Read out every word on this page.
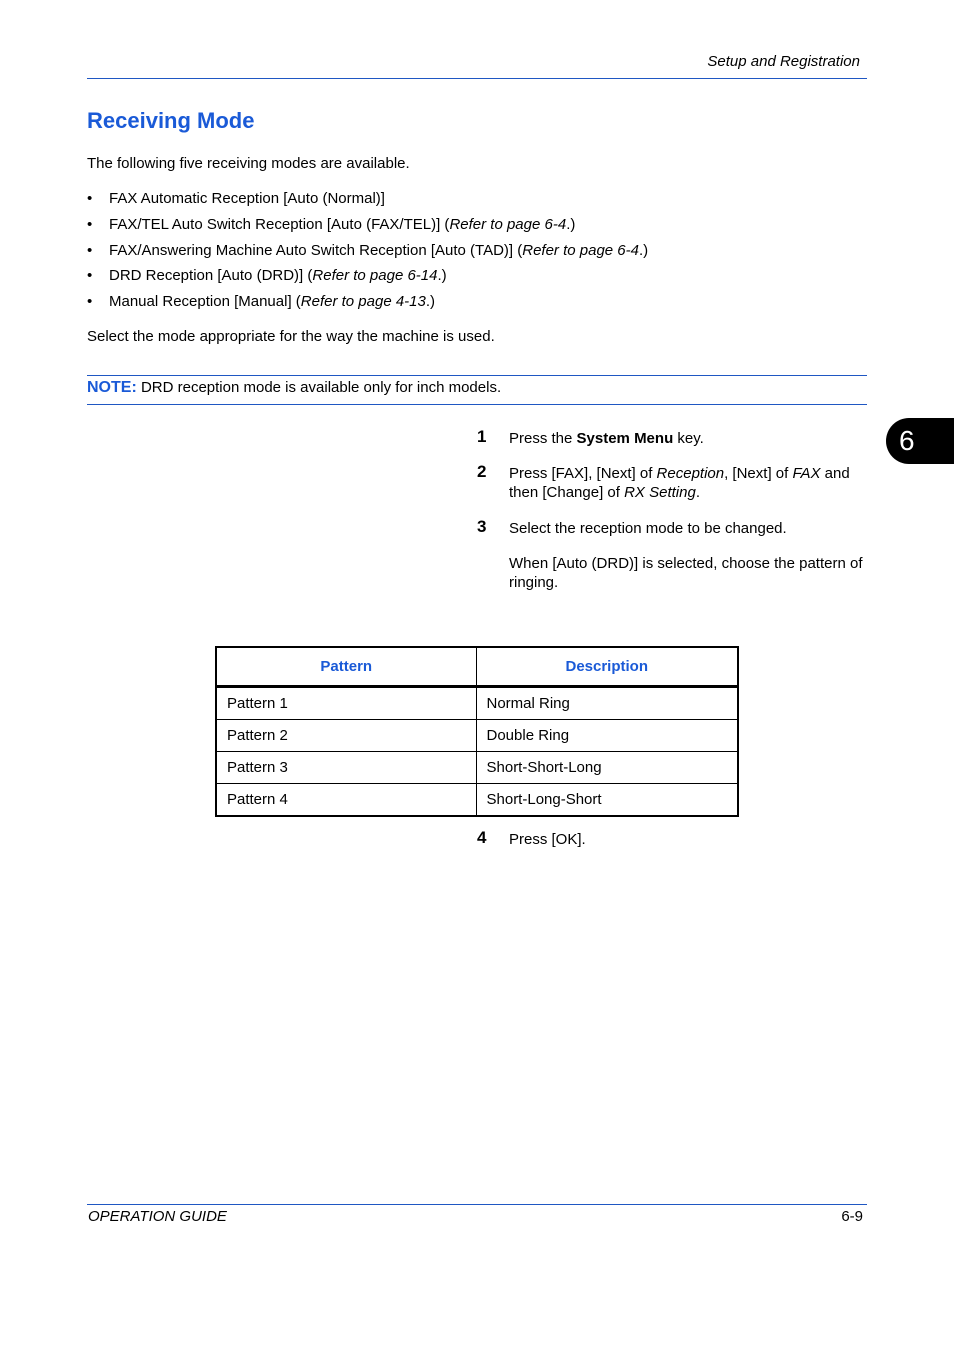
Setup and Registration
6
Receiving Mode
The following five receiving modes are available.
• FAX Automatic Reception [Auto (Normal)]
• FAX/TEL Auto Switch Reception [Auto (FAX/TEL)] (Refer to page 6-4.)
• FAX/Answering Machine Auto Switch Reception [Auto (TAD)] (Refer to page 6-4.)
• DRD Reception [Auto (DRD)] (Refer to page 6-14.)
• Manual Reception [Manual] (Refer to page 4-13.)
Select the mode appropriate for the way the machine is used.
NOTE: DRD reception mode is available only for inch models.
1 Press the System Menu key.
2 Press [FAX], [Next] of Reception, [Next] of FAX and then [Change] of RX Setting.
3 Select the reception mode to be changed.
When [Auto (DRD)] is selected, choose the pattern of ringing.
Pattern	Description
Pattern 1	Normal Ring
Pattern 2	Double Ring
Pattern 3	Short-Short-Long
Pattern 4	Short-Long-Short
4 Press [OK].
OPERATION GUIDE	6-9
